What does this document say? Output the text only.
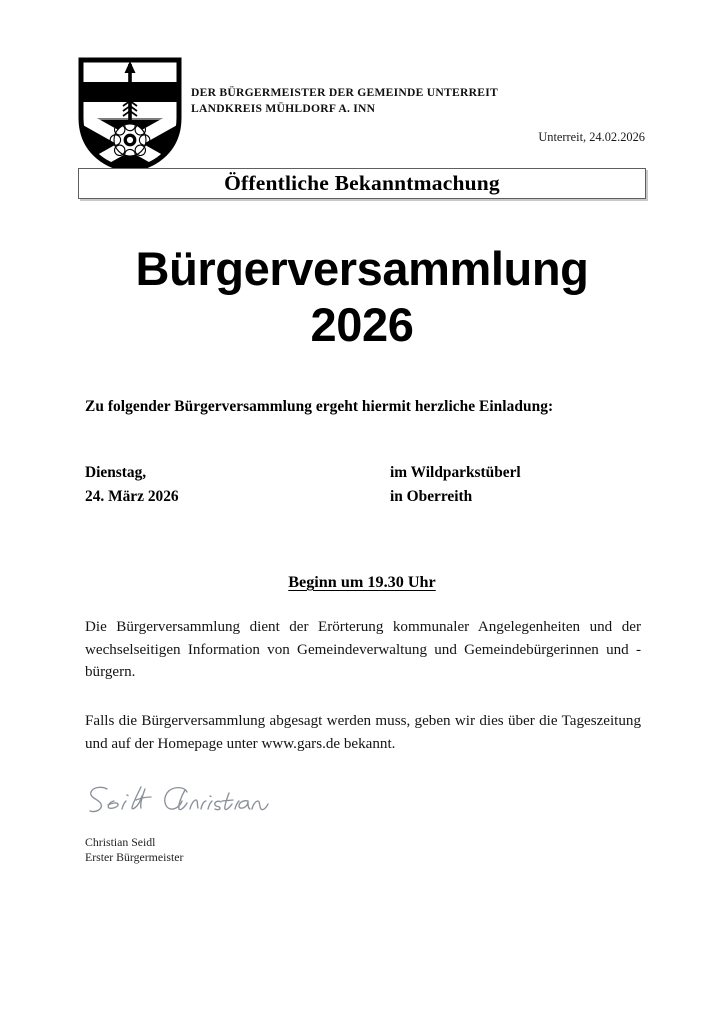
DER BÜRGERMEISTER DER GEMEINDE UNTERREIT
LANDKREIS MÜHLDORF A. INN
Unterreit, 24.02.2026
Öffentliche Bekanntmachung
Bürgerversammlung
2026
Zu folgender Bürgerversammlung ergeht hiermit herzliche Einladung:
Dienstag,	im Wildparkstüberl
24. März 2026	in Oberreith
Beginn um 19.30 Uhr
Die Bürgerversammlung dient der Erörterung kommunaler Angelegenheiten und der wechselseitigen Information von Gemeindeverwaltung und Gemeindebürgerinnen und -bürgern.
Falls die Bürgerversammlung abgesagt werden muss, geben wir dies über die Tageszeitung und auf der Homepage unter www.gars.de bekannt.
Christian Seidl
Erster Bürgermeister
